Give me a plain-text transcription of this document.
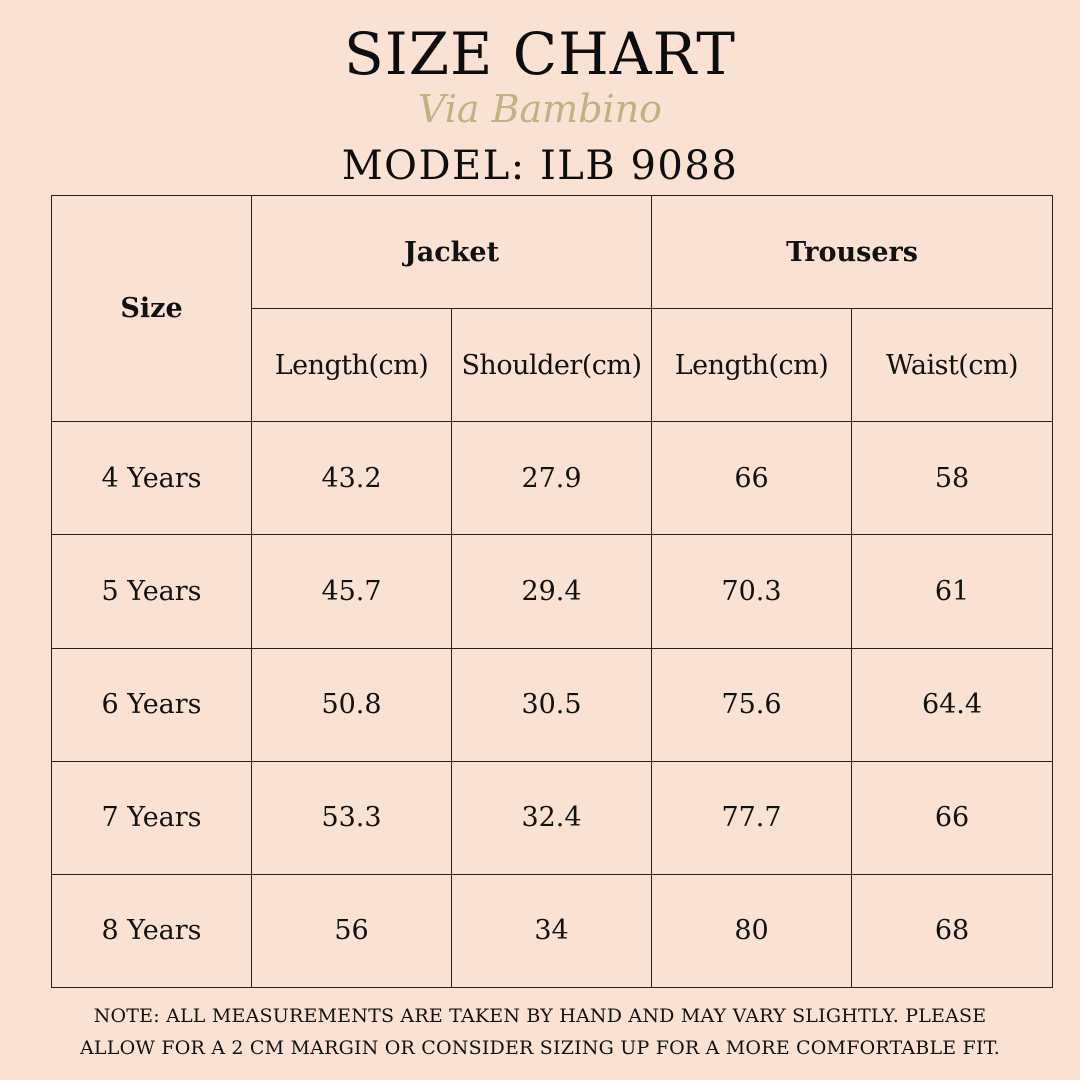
SIZE CHART
Via Bambino
MODEL: ILB 9088
Size	Jacket		Trousers	
	Length(cm)	Shoulder(cm)	Length(cm)	Waist(cm)
4 Years	43.2	27.9	66	58
5 Years	45.7	29.4	70.3	61
6 Years	50.8	30.5	75.6	64.4
7 Years	53.3	32.4	77.7	66
8 Years	56	34	80	68
NOTE: ALL MEASUREMENTS ARE TAKEN BY HAND AND MAY VARY SLIGHTLY. PLEASE
ALLOW FOR A 2 CM MARGIN OR CONSIDER SIZING UP FOR A MORE COMFORTABLE FIT.
